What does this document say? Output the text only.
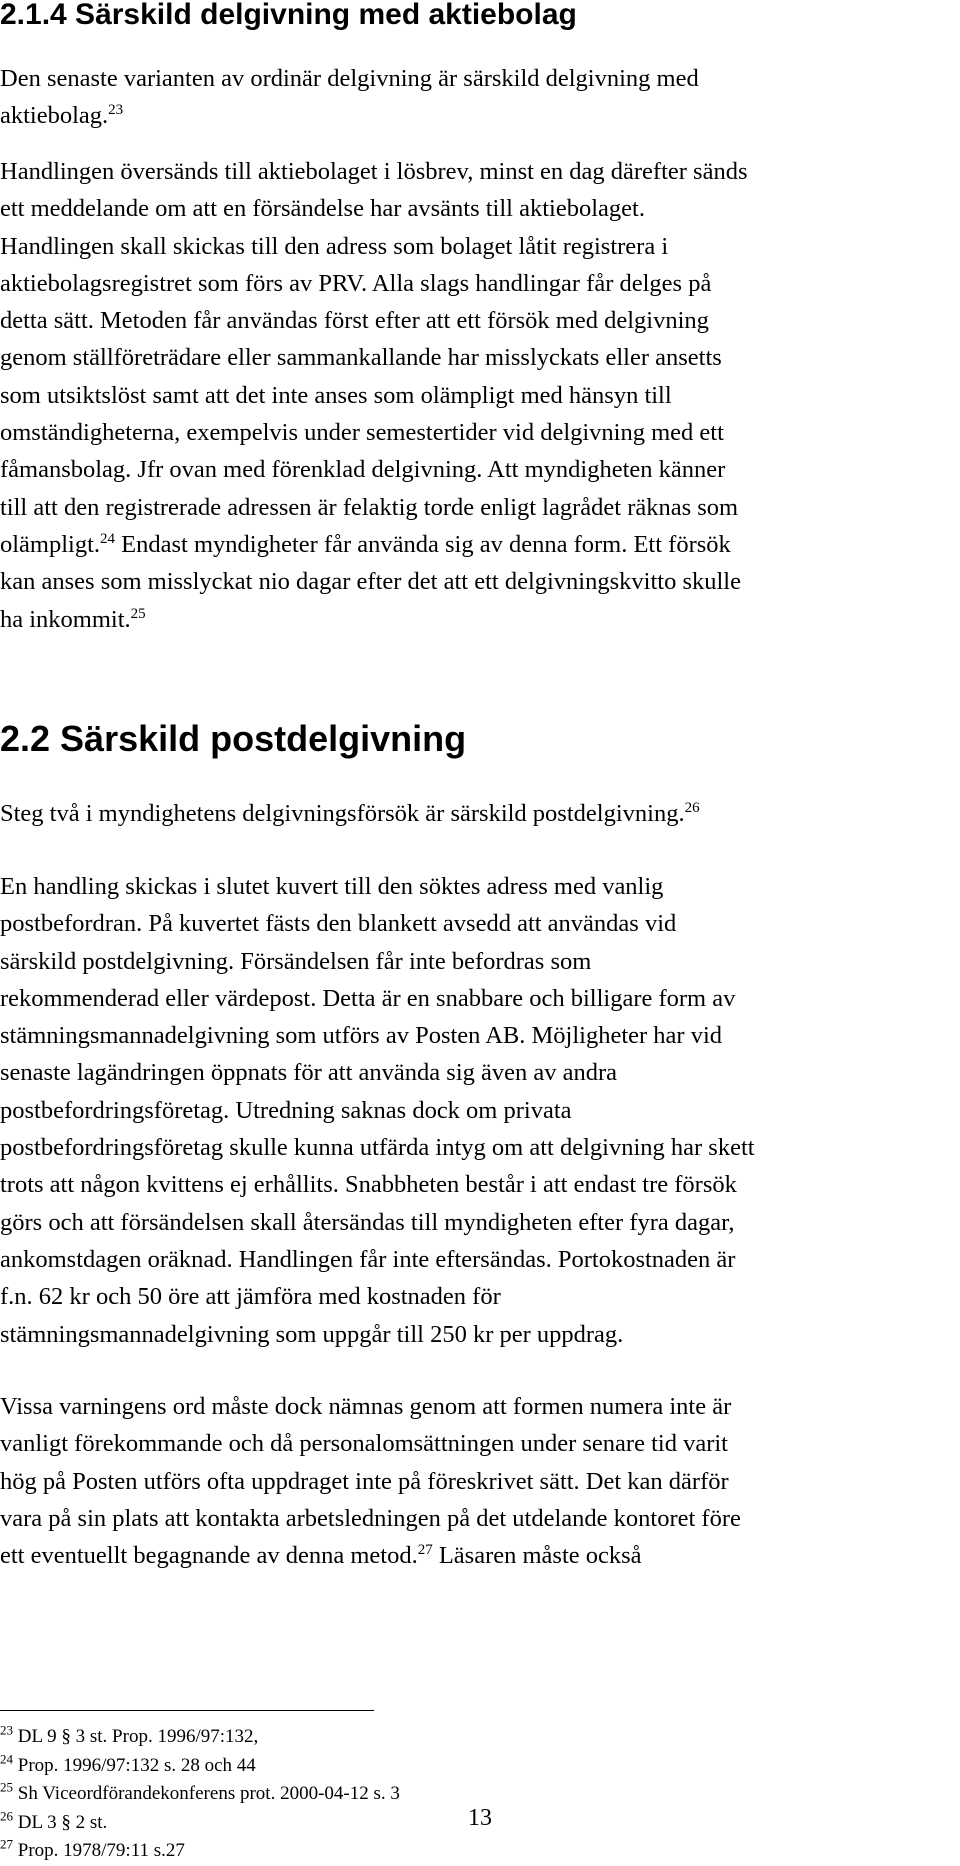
2.1.4 Särskild delgivning med aktiebolag
Den senaste varianten av ordinär delgivning är särskild delgivning med
aktiebolag.$^{23}$
Handlingen översänds till aktiebolaget i lösbrev, minst en dag därefter sänds
ett meddelande om att en försändelse har avsänts till aktiebolaget.
Handlingen skall skickas till den adress som bolaget låtit registrera i
aktiebolagsregistret som förs av PRV. Alla slags handlingar får delges på
detta sätt. Metoden får användas först efter att ett försök med delgivning
genom ställföreträdare eller sammankallande har misslyckats eller ansetts
som utsiktslöst samt att det inte anses som olämpligt med hänsyn till
omständigheterna, exempelvis under semestertider vid delgivning med ett
fåmansbolag. Jfr ovan med förenklad delgivning. Att myndigheten känner
till att den registrerade adressen är felaktig torde enligt lagrådet räknas som
olämpligt.$^{24}$ Endast myndigheter får använda sig av denna form. Ett försök
kan anses som misslyckat nio dagar efter det att ett delgivningskvitto skulle
ha inkommit.$^{25}$
2.2 Särskild postdelgivning
Steg två i myndighetens delgivningsförsök är särskild postdelgivning.$^{26}$
En handling skickas i slutet kuvert till den söktes adress med vanlig
postbefordran. På kuvertet fästs den blankett avsedd att användas vid
särskild postdelgivning. Försändelsen får inte befordras som
rekommenderad eller värdepost. Detta är en snabbare och billigare form av
stämningsmannadelgivning som utförs av Posten AB. Möjligheter har vid
senaste lagändringen öppnats för att använda sig även av andra
postbefordringsföretag. Utredning saknas dock om privata
postbefordringsföretag skulle kunna utfärda intyg om att delgivning har skett
trots att någon kvittens ej erhållits. Snabbheten består i att endast tre försök
görs och att försändelsen skall återsändas till myndigheten efter fyra dagar,
ankomstdagen oräknad. Handlingen får inte eftersändas. Portokostnaden är
f.n. 62 kr och 50 öre att jämföra med kostnaden för
stämningsmannadelgivning som uppgår till 250 kr per uppdrag.
Vissa varningens ord måste dock nämnas genom att formen numera inte är
vanligt förekommande och då personalomsättningen under senare tid varit
hög på Posten utförs ofta uppdraget inte på föreskrivet sätt. Det kan därför
vara på sin plats att kontakta arbetsledningen på det utdelande kontoret före
ett eventuellt begagnande av denna metod.$^{27}$ Läsaren måste också
$^{23}$ DL 9 § 3 st. Prop. 1996/97:132,
$^{24}$ Prop. 1996/97:132 s. 28 och 44
$^{25}$ Sh Viceordförandekonferens prot. 2000-04-12 s. 3
$^{26}$ DL 3 § 2 st.
$^{27}$ Prop. 1978/79:11 s.27
13
